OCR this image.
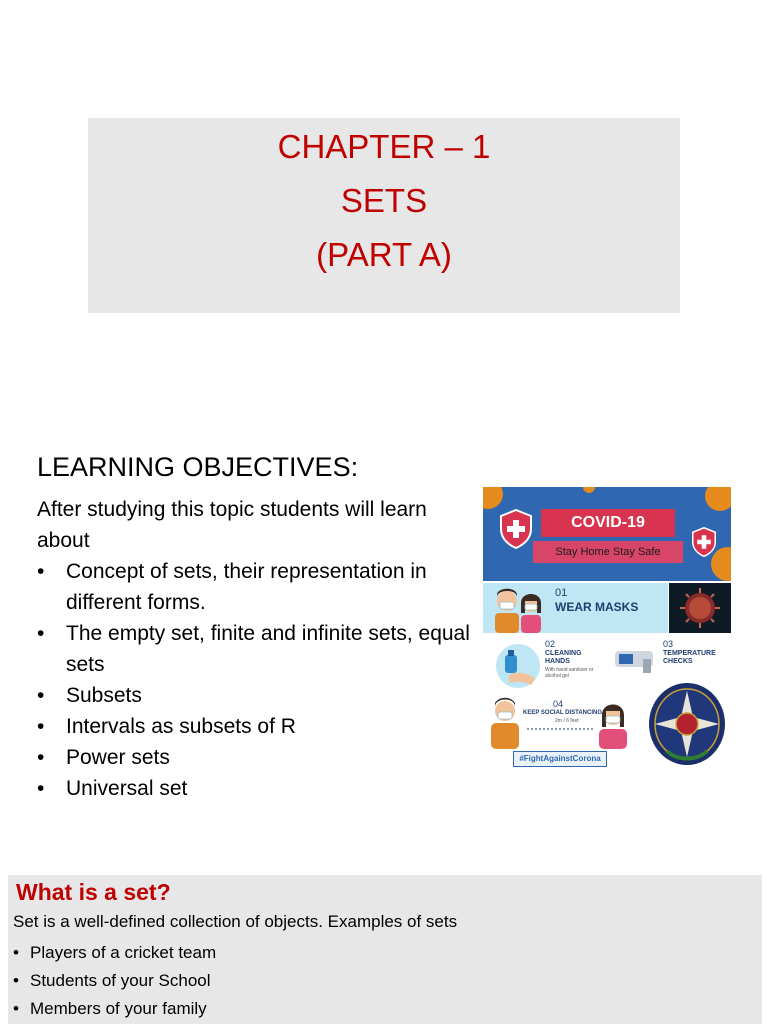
CHAPTER – 1
SETS
(PART A)
LEARNING OBJECTIVES:
After studying this topic students will learn about
• Concept of sets, their representation in different forms.
• The empty set, finite and infinite sets, equal sets
• Subsets
• Intervals as subsets of R
• Power sets
• Universal set
COVID-19
Stay Home Stay Safe
01
WEAR MASKS
02
CLEANING HANDS
With hand sanitizer or alcohol gel
03
TEMPERATURE CHECKS
04
KEEP SOCIAL DISTANCING
2m / 6 feet
#FightAgainstCorona
What is a set?
Set is a well-defined collection of objects. Examples of sets
• Players of a cricket team
• Students of your School
• Members of your family
